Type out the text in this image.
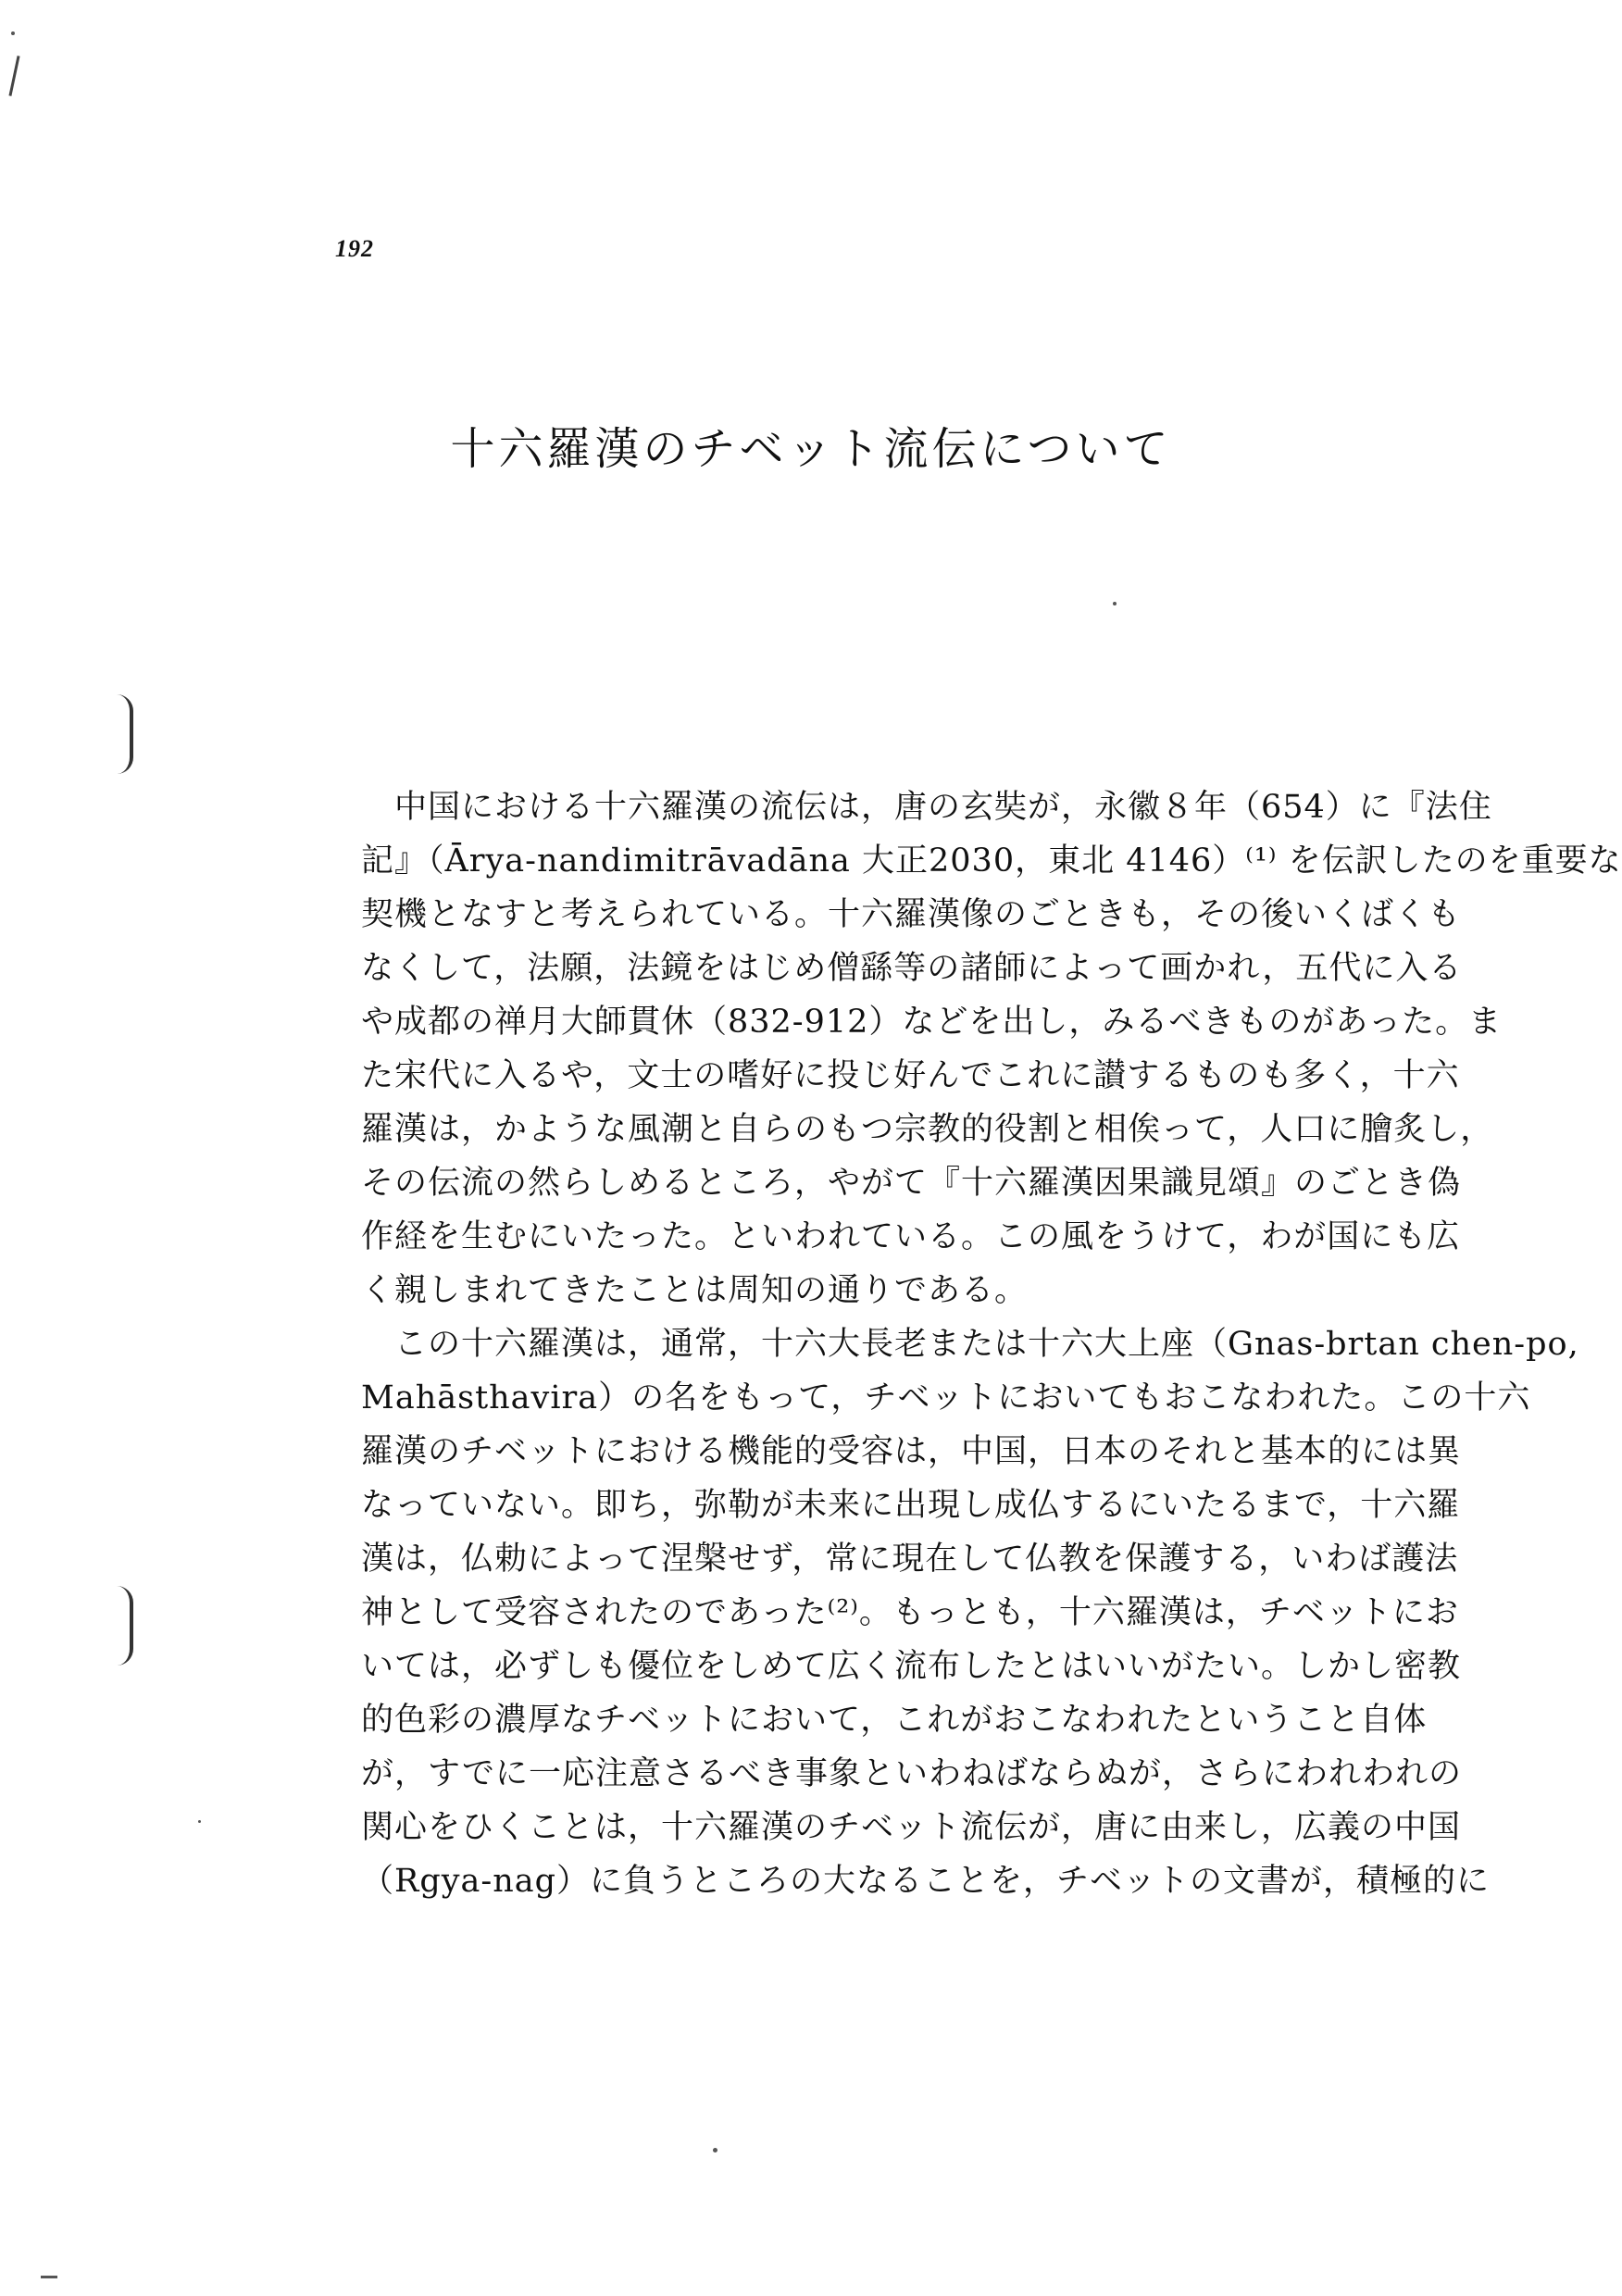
192
十六羅漢のチベット流伝について
　中国における十六羅漢の流伝は，唐の玄奘が，永徽８年（654）に『法住
記』（Ārya-nandimitrāvadāna 大正2030，東北 4146）⁽¹⁾ を伝訳したのを重要な
契機となすと考えられている。十六羅漢像のごときも，その後いくばくも
なくして，法願，法鏡をはじめ僧繇等の諸師によって画かれ，五代に入る
や成都の禅月大師貫休（832-912）などを出し，みるべきものがあった。ま
た宋代に入るや，文士の嗜好に投じ好んでこれに讃するものも多く，十六
羅漢は，かような風潮と自らのもつ宗教的役割と相俟って，人口に膾炙し，
その伝流の然らしめるところ，やがて『十六羅漢因果識見頌』のごとき偽
作経を生むにいたった。といわれている。この風をうけて，わが国にも広
く親しまれてきたことは周知の通りである。
　この十六羅漢は，通常，十六大長老または十六大上座（Gnas-brtan chen-po,
Mahāsthavira）の名をもって，チベットにおいてもおこなわれた。この十六
羅漢のチベットにおける機能的受容は，中国，日本のそれと基本的には異
なっていない。即ち，弥勒が未来に出現し成仏するにいたるまで，十六羅
漢は，仏勅によって涅槃せず，常に現在して仏教を保護する，いわば護法
神として受容されたのであった⁽²⁾。もっとも，十六羅漢は，チベットにお
いては，必ずしも優位をしめて広く流布したとはいいがたい。しかし密教
的色彩の濃厚なチベットにおいて，これがおこなわれたということ自体
が，すでに一応注意さるべき事象といわねばならぬが，さらにわれわれの
関心をひくことは，十六羅漢のチベット流伝が，唐に由来し，広義の中国
（Rgya-nag）に負うところの大なることを，チベットの文書が，積極的に
